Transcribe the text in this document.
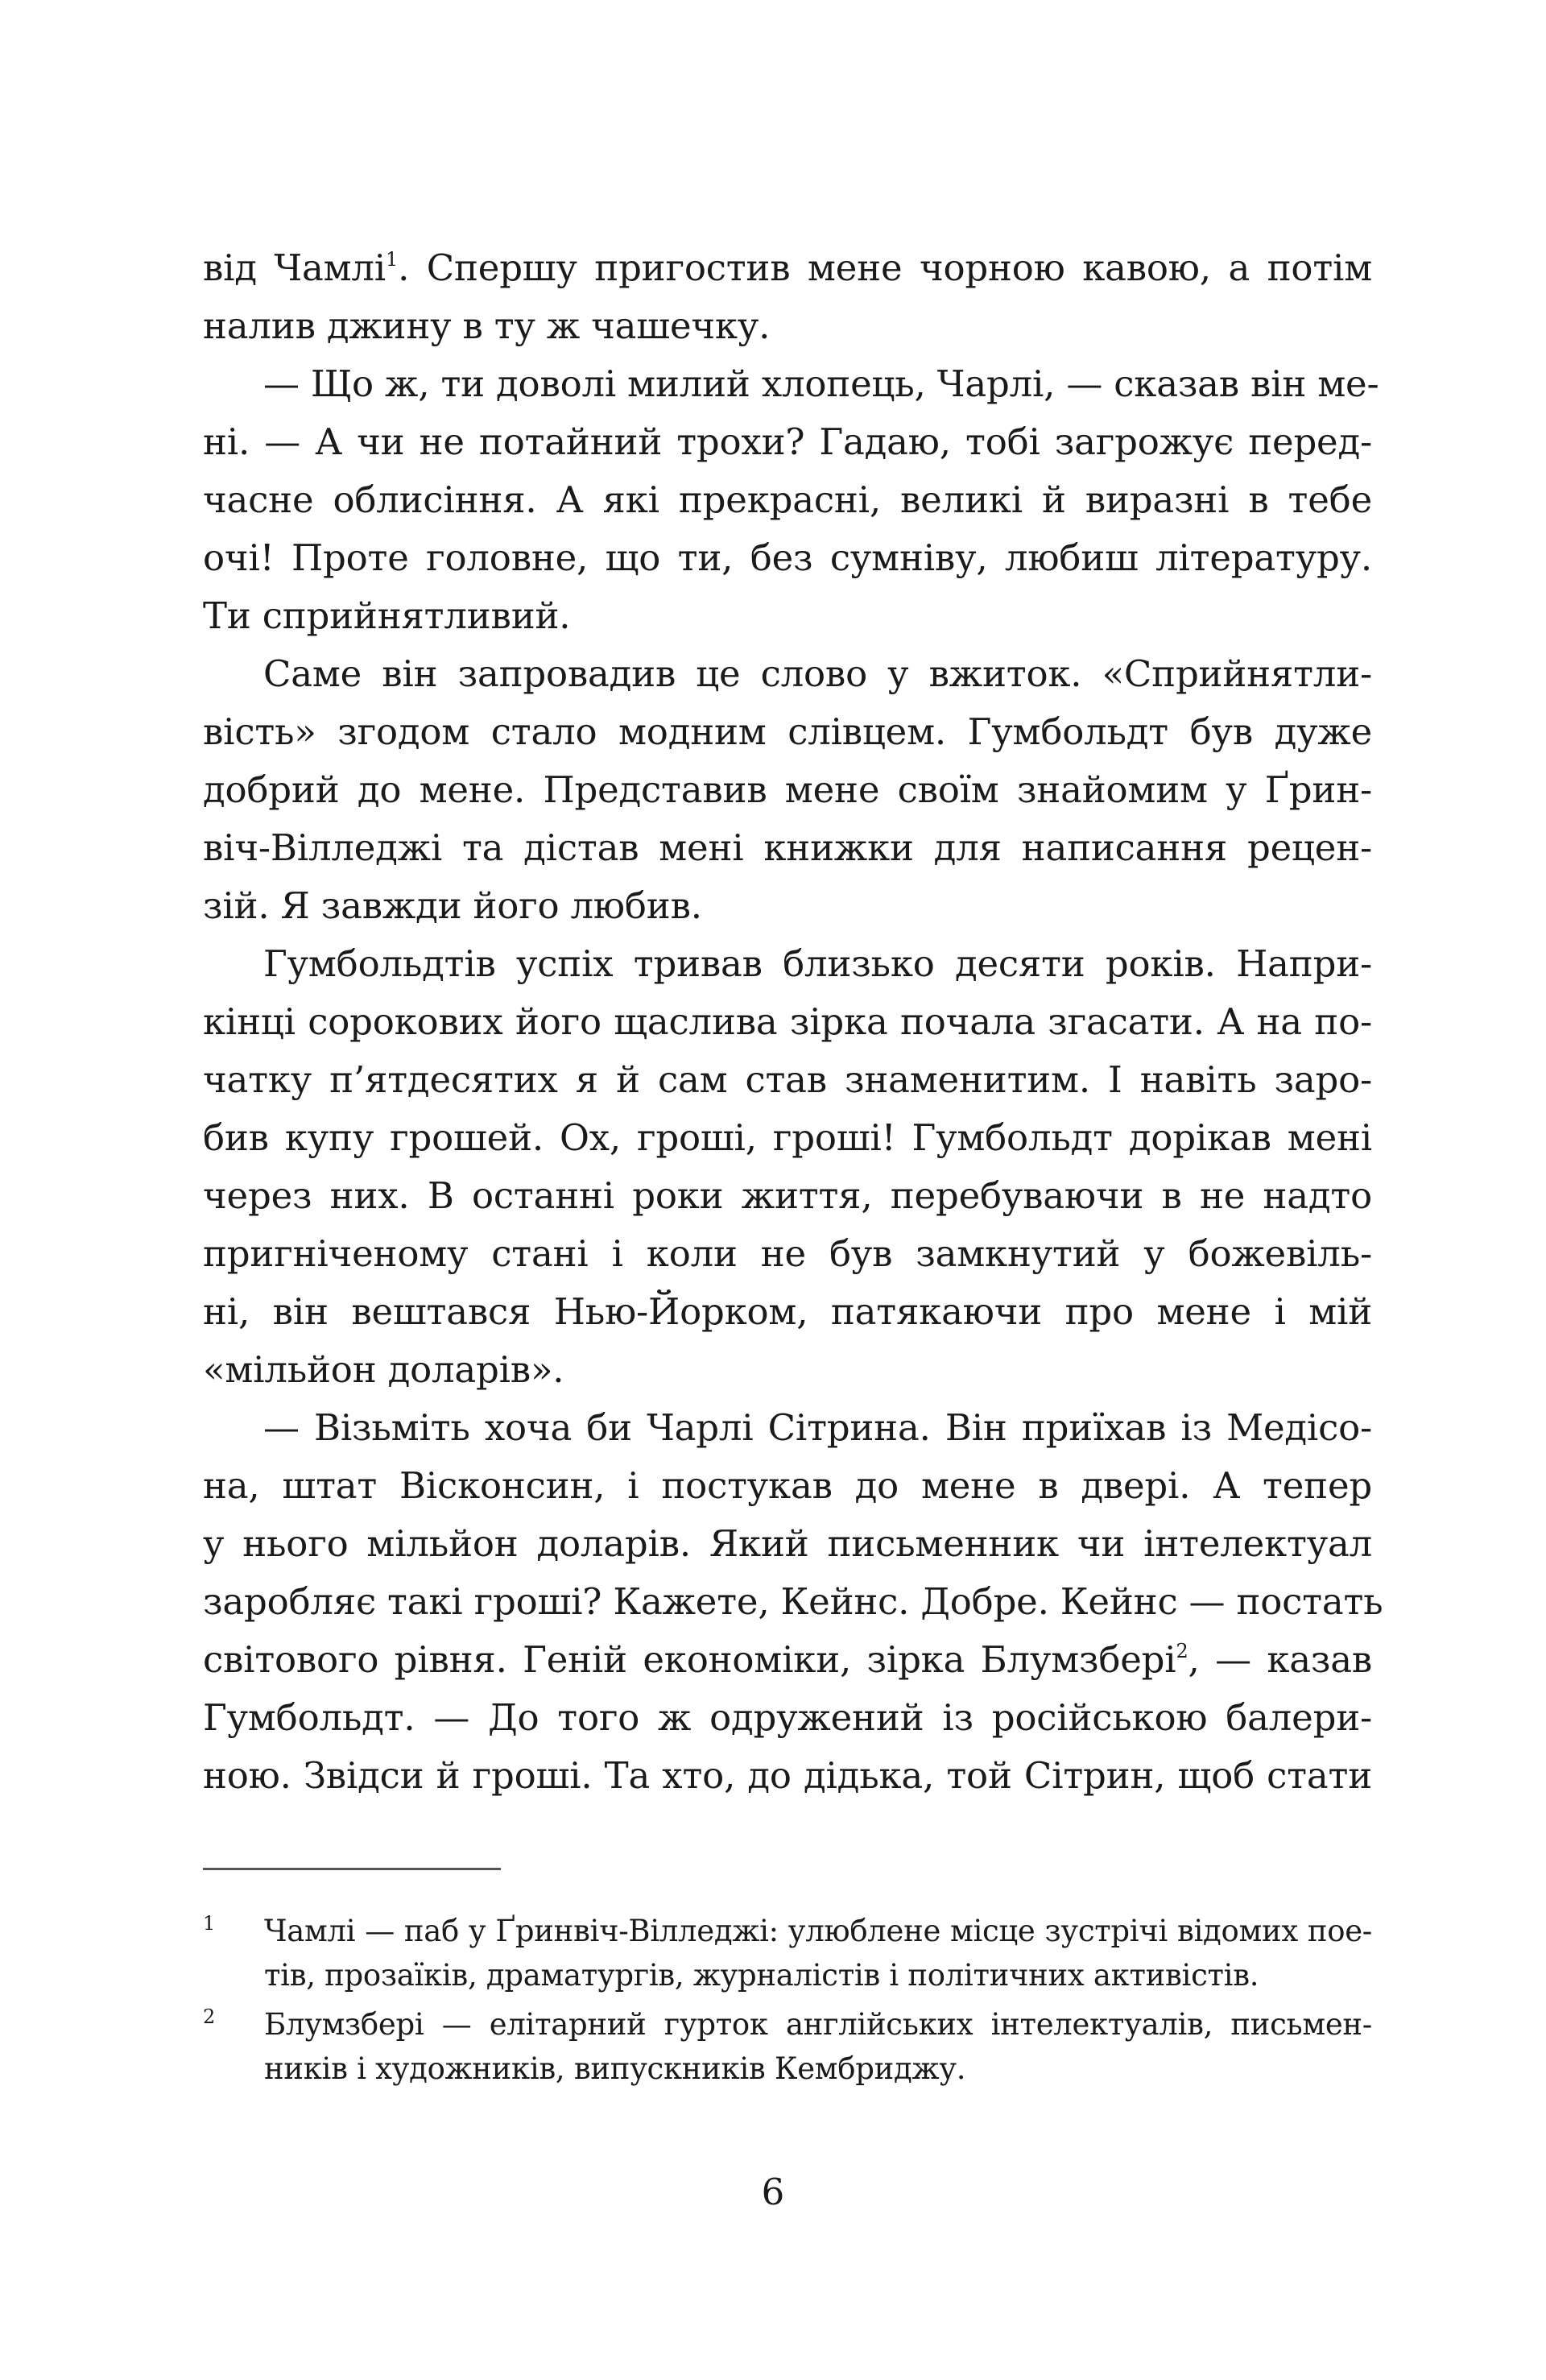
від Чамлі$^1$. Спершу пригостив мене чорною кавою, а потім
налив джину в ту ж чашечку.
— Що ж, ти доволі милий хлопець, Чарлі, — сказав він ме-
ні. — А чи не потайний трохи? Гадаю, тобі загрожує перед-
часне облисіння. А які прекрасні, великі й виразні в тебе
очі! Проте головне, що ти, без сумніву, любиш літературу.
Ти сприйнятливий.
Саме він запровадив це слово у вжиток. «Сприйнятли-
вість» згодом стало модним слівцем. Гумбольдт був дуже
добрий до мене. Представив мене своїм знайомим у Ґрин-
віч-Вілледжі та дістав мені книжки для написання рецен-
зій. Я завжди його любив.
Гумбольдтів успіх тривав близько десяти років. Напри-
кінці сорокових його щаслива зірка почала згасати. А на по-
чатку п’ятдесятих я й сам став знаменитим. І навіть заро-
бив купу грошей. Ох, гроші, гроші! Гумбольдт дорікав мені
через них. В останні роки життя, перебуваючи в не надто
пригніченому стані і коли не був замкнутий у божевіль-
ні, він вештався Нью-Йорком, патякаючи про мене і мій
«мільйон доларів».
— Візьміть хоча би Чарлі Сітрина. Він приїхав із Медісо-
на, штат Вісконсин, і постукав до мене в двері. А тепер
у нього мільйон доларів. Який письменник чи інтелектуал
заробляє такі гроші? Кажете, Кейнс. Добре. Кейнс — постать
світового рівня. Геній економіки, зірка Блумзбері$^2$, — казав
Гумбольдт. — До того ж одружений із російською балери-
ною. Звідси й гроші. Та хто, до дідька, той Сітрин, щоб стати
1 Чамлі — паб у Ґринвіч-Вілледжі: улюблене місце зустрічі відомих пое-
тів, прозаїків, драматургів, журналістів і політичних активістів.
2 Блумзбері — елітарний гурток англійських інтелектуалів, письмен-
ників і художників, випускників Кембриджу.
6
